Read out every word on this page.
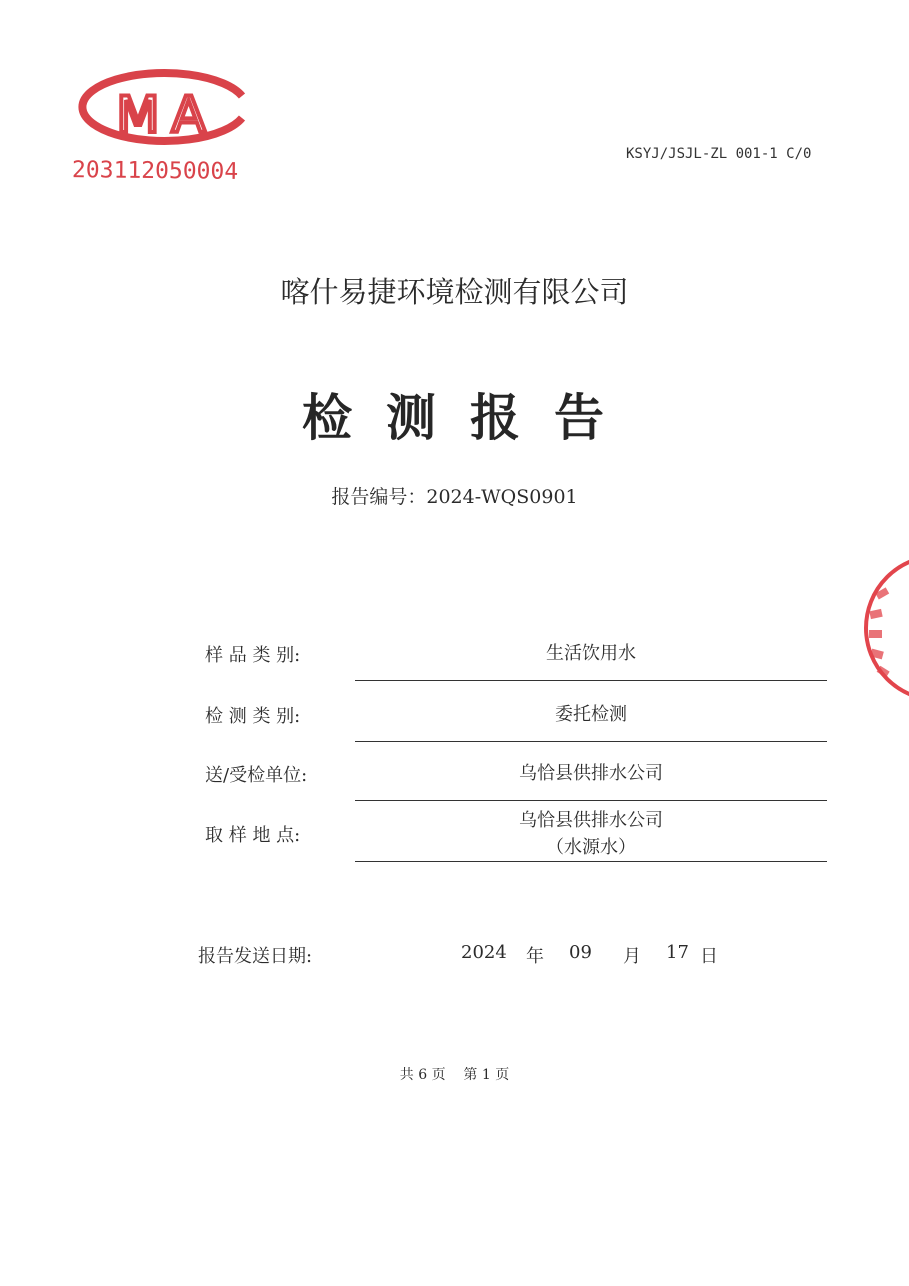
MA
203112050004
KSYJ/JSJL-ZL 001-1 C/0
喀什易捷环境检测有限公司
检测报告
报告编号：2024-WQS0901
样 品 类 别:	生活饮用水
检 测 类 别:	委托检测
送/受检单位:	乌恰县供排水公司
取 样 地 点:
乌恰县供排水公司
（水源水）
报告发送日期:	2024 年 09 月 17 日
共 6 页    第 1 页
